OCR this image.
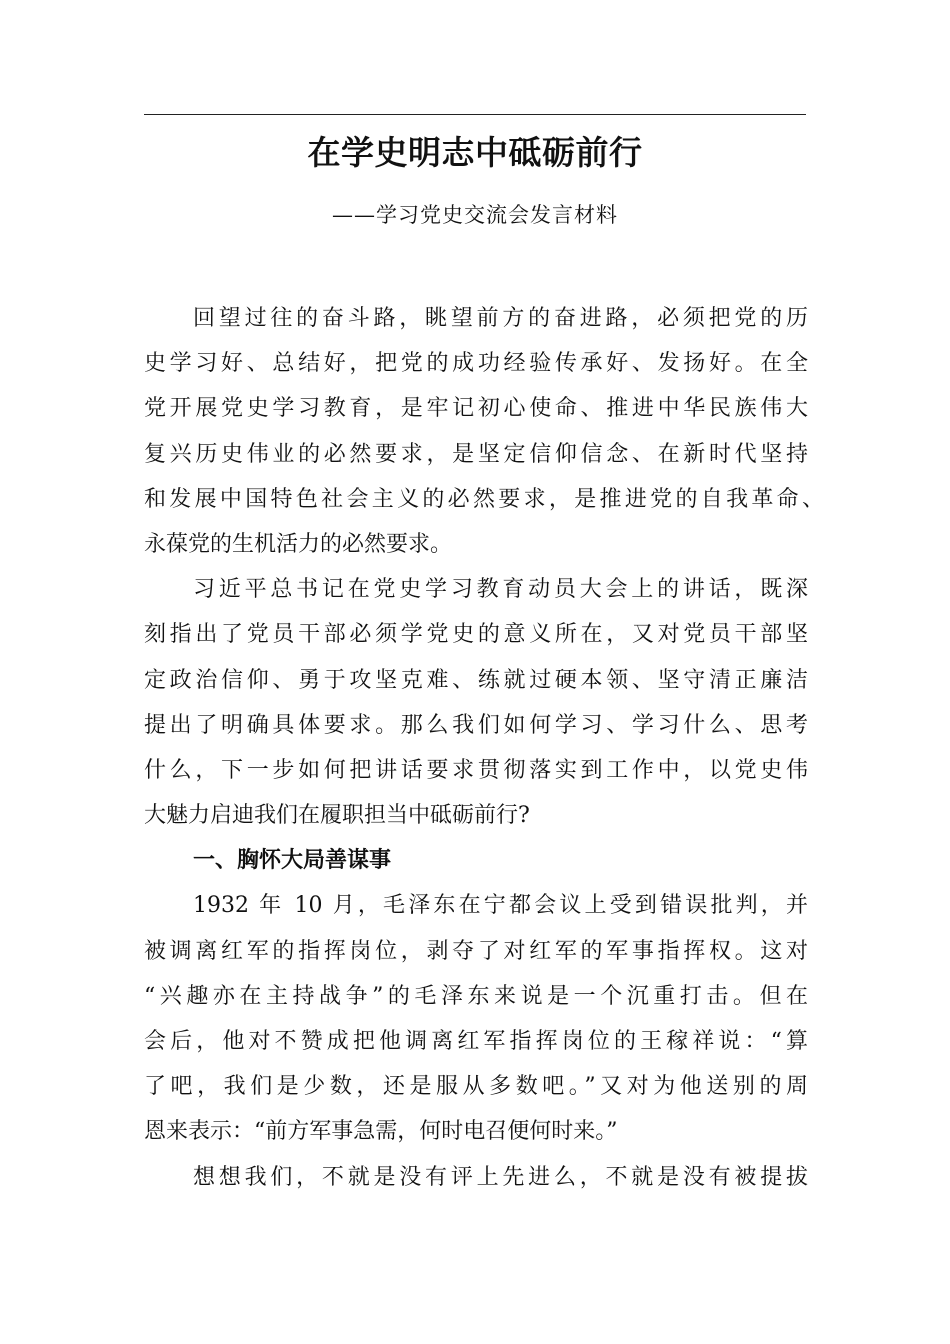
在学史明志中砥砺前行
——学习党史交流会发言材料
回望过往的奋斗路，眺望前方的奋进路，必须把党的历
史学习好、总结好，把党的成功经验传承好、发扬好。在全
党开展党史学习教育，是牢记初心使命、推进中华民族伟大
复兴历史伟业的必然要求，是坚定信仰信念、在新时代坚持
和发展中国特色社会主义的必然要求，是推进党的自我革命、
永葆党的生机活力的必然要求。
习近平总书记在党史学习教育动员大会上的讲话，既深
刻指出了党员干部必须学党史的意义所在，又对党员干部坚
定政治信仰、勇于攻坚克难、练就过硬本领、坚守清正廉洁
提出了明确具体要求。那么我们如何学习、学习什么、思考
什么，下一步如何把讲话要求贯彻落实到工作中，以党史伟
大魅力启迪我们在履职担当中砥砺前行?
一、胸怀大局善谋事
1932 年 10 月，毛泽东在宁都会议上受到错误批判，并
被调离红军的指挥岗位，剥夺了对红军的军事指挥权。这对
“兴趣亦在主持战争”的毛泽东来说是一个沉重打击。但在
会后，他对不赞成把他调离红军指挥岗位的王稼祥说：“算
了吧，我们是少数，还是服从多数吧。”又对为他送别的周
恩来表示：“前方军事急需，何时电召便何时来。”
想想我们，不就是没有评上先进么，不就是没有被提拔
